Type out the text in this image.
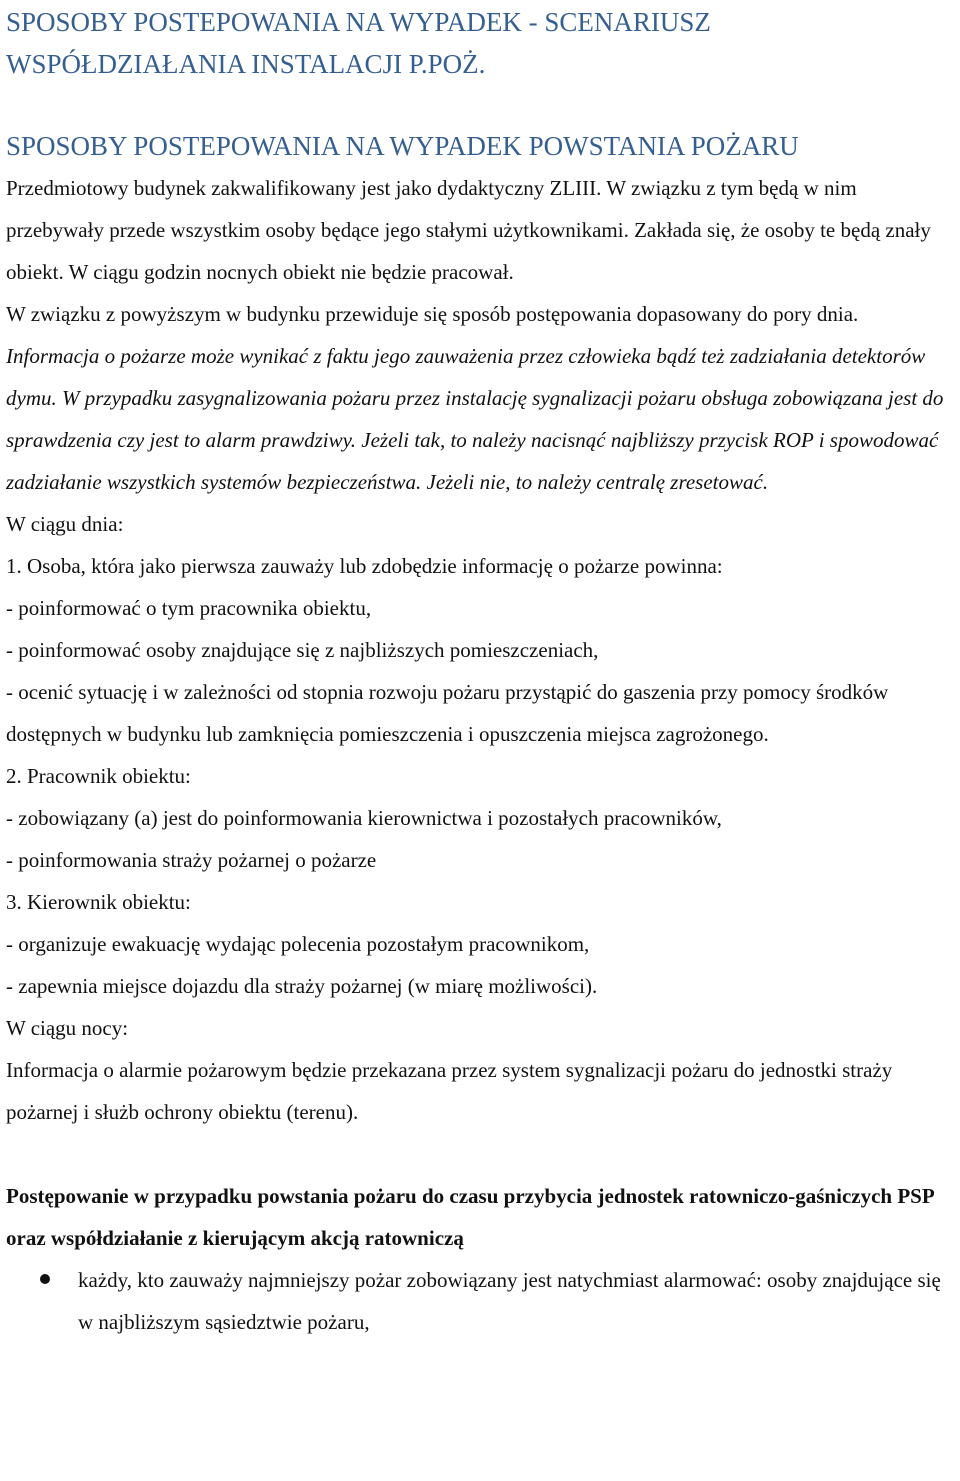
SPOSOBY POSTEPOWANIA NA WYPADEK - SCENARIUSZ
WSPÓŁDZIAŁANIA INSTALACJI P.POŻ.
SPOSOBY POSTEPOWANIA NA WYPADEK POWSTANIA POŻARU

Przedmiotowy budynek zakwalifikowany jest jako dydaktyczny ZLIII. W związku z tym będą w nim przebywały przede wszystkim osoby będące jego stałymi użytkownikami. Zakłada się, że osoby te będą znały obiekt. W ciągu godzin nocnych obiekt nie będzie pracował.

W związku z powyższym w budynku przewiduje się sposób postępowania dopasowany do pory dnia.

Informacja o pożarze może wynikać z faktu jego zauważenia przez człowieka bądź też zadziałania detektorów dymu. W przypadku zasygnalizowania pożaru przez instalację sygnalizacji pożaru obsługa zobowiązana jest do sprawdzenia czy jest to alarm prawdziwy. Jeżeli tak, to należy nacisnąć najbliższy przycisk ROP i spowodować zadziałanie wszystkich systemów bezpieczeństwa. Jeżeli nie, to należy centralę zresetować.

W ciągu dnia:

1. Osoba, która jako pierwsza zauważy lub zdobędzie informację o pożarze powinna:

- poinformować o tym pracownika obiektu,

- poinformować osoby znajdujące się z najbliższych pomieszczeniach,

- ocenić sytuację i w zależności od stopnia rozwoju pożaru przystąpić do gaszenia przy pomocy środków dostępnych w budynku lub zamknięcia pomieszczenia i opuszczenia miejsca zagrożonego.

2. Pracownik obiektu:

- zobowiązany (a) jest do poinformowania kierownictwa i pozostałych pracowników,

- poinformowania straży pożarnej o pożarze

3. Kierownik obiektu:

- organizuje ewakuację wydając polecenia pozostałym pracownikom,

- zapewnia miejsce dojazdu dla straży pożarnej (w miarę możliwości).

W ciągu nocy:

Informacja o alarmie pożarowym będzie przekazana przez system sygnalizacji pożaru do jednostki straży pożarnej i służb ochrony obiektu (terenu).

Postępowanie w przypadku powstania pożaru do czasu przybycia jednostek ratowniczo-gaśniczych PSP oraz współdziałanie z kierującym akcją ratowniczą

każdy, kto zauważy najmniejszy pożar zobowiązany jest natychmiast alarmować: osoby znajdujące się w najbliższym sąsiedztwie pożaru,
